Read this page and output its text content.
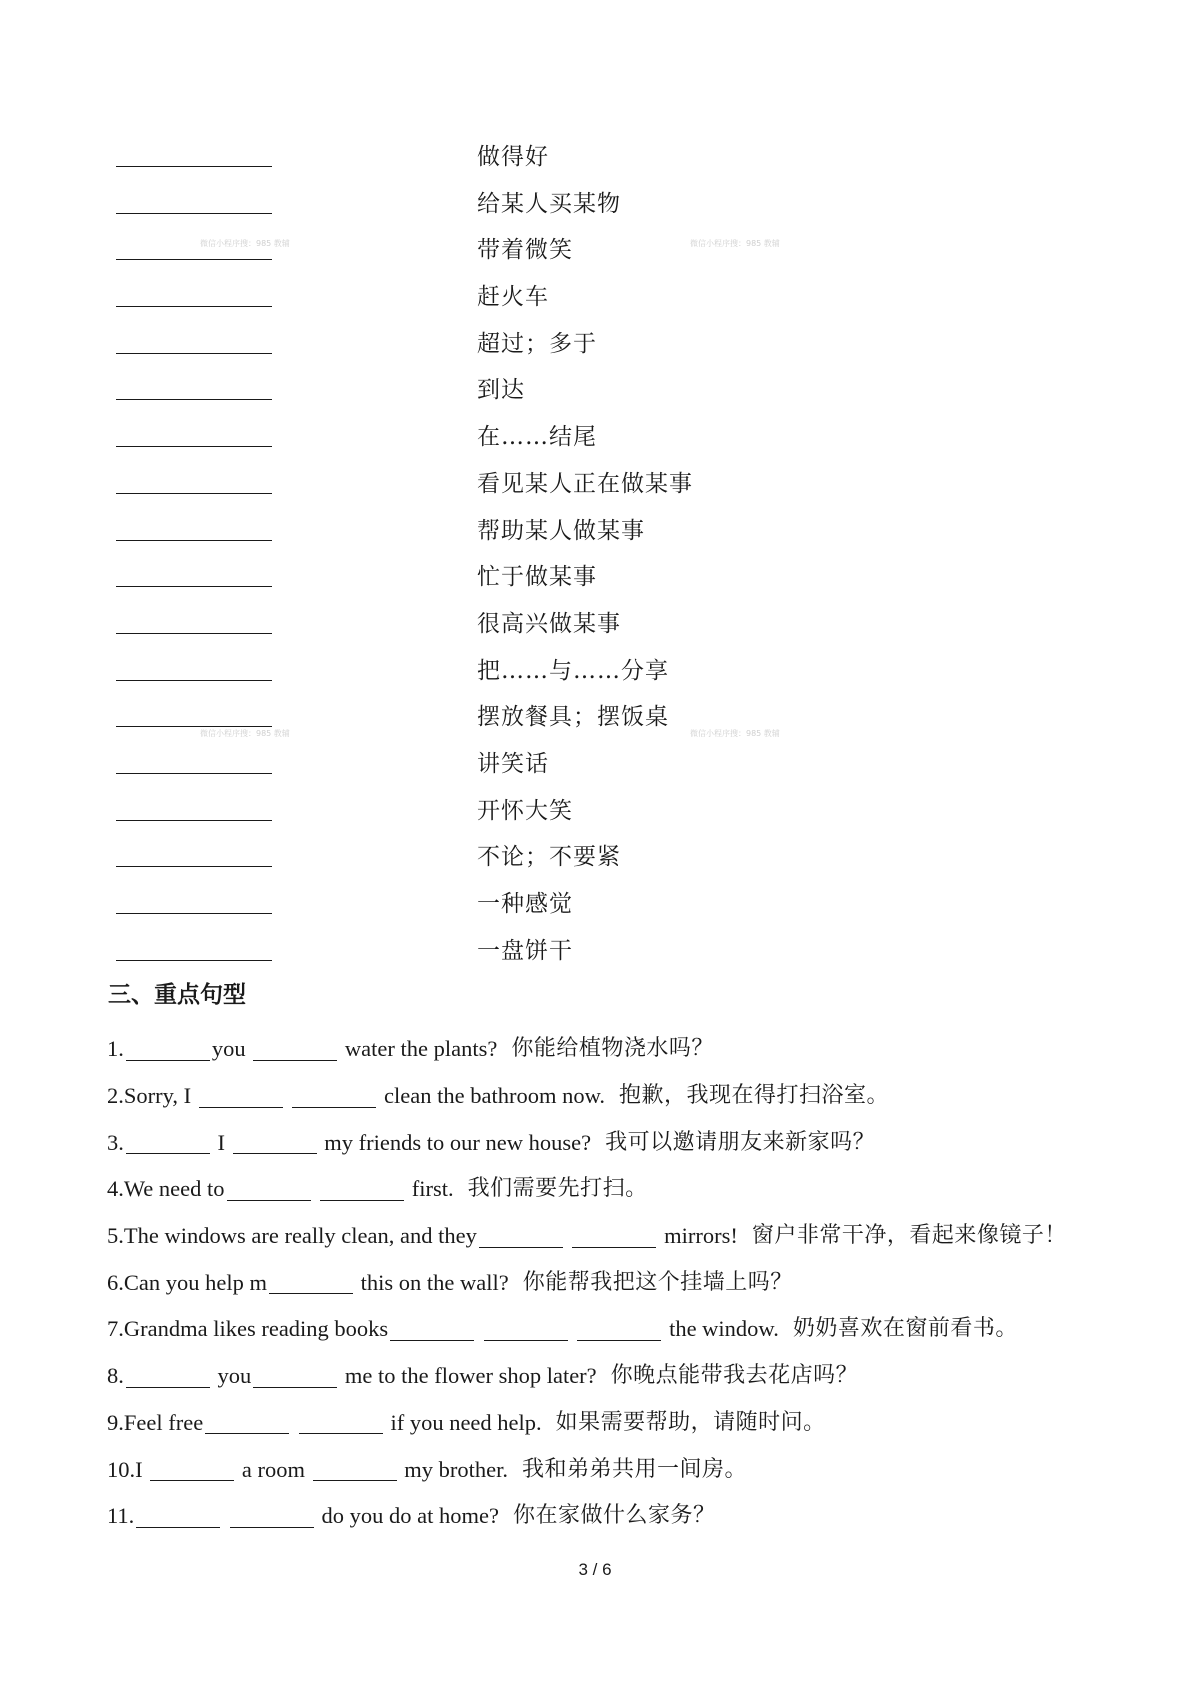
做得好
给某人买某物
带着微笑
赶火车
超过；多于
到达
在……结尾
看见某人正在做某事
帮助某人做某事
忙于做某事
很高兴做某事
把……与……分享
摆放餐具；摆饭桌
讲笑话
开怀大笑
不论；不要紧
一种感觉
一盘饼干
三、重点句型
1.	you	water the plants? 你能给植物浇水吗？
2.Sorry, I
	clean the bathroom now. 抱歉，我现在得打扫浴室。
3.	I	my friends to our new house? 我可以邀请朋友来新家吗？
4.We need to
	first. 我们需要先打扫。
5.The windows are really clean, and they
	mirrors! 窗户非常干净，看起来像镜子！
6.Can you help m	this on the wall? 你能帮我把这个挂墙上吗？
7.Grandma likes reading books

	the window. 奶奶喜欢在窗前看书。
8.	you	me to the flower shop later? 你晚点能带我去花店吗？
9.Feel free
	if you need help. 如果需要帮助，请随时问。
10.I	a room	my brother. 我和弟弟共用一间房。
11.
	do you do at home? 你在家做什么家务？
3 / 6
微信小程序搜：985 教辅	微信小程序搜：985 教辅
微信小程序搜：985 教辅	微信小程序搜：985 教辅
